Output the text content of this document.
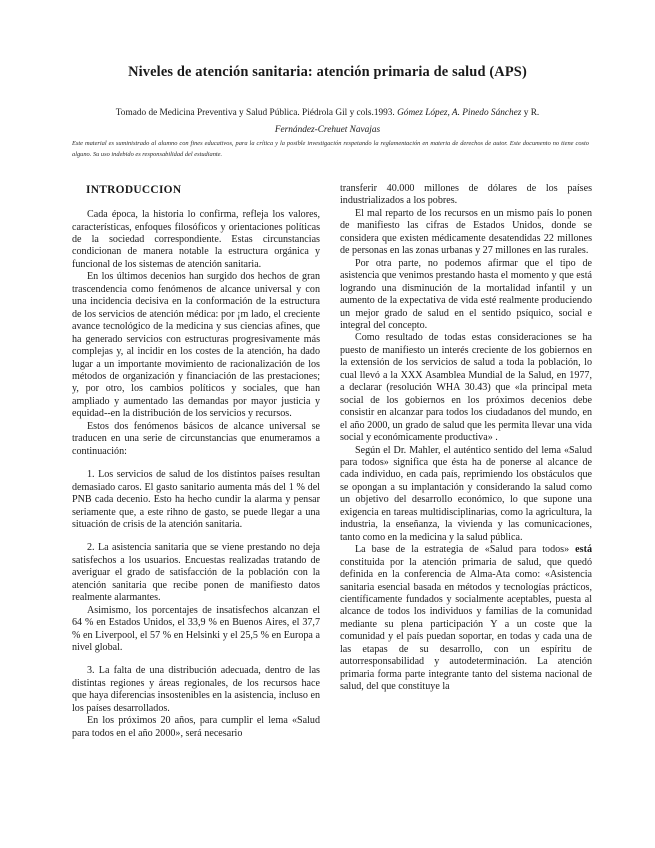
Niveles de atención sanitaria: atención primaria de salud (APS)
Tomado de Medicina Preventiva y Salud Pública. Piédrola Gil y cols.1993. Gómez López, A. Pinedo Sánchez y R.
Fernández-Crehuet Navajas
Este material es suministrado al alumno con fines educativos, para la crítica y la posible investigación respetando la reglamentación en materia de derechos de autor. Este documento no tiene costo alguno. Su uso indebido es responsabilidad del estudiante.
INTRODUCCION

Cada época, la historia lo confirma, refleja los valores, características, enfoques filosóficos y orientaciones políticas de la sociedad correspondiente. Estas circunstancias condicionan de manera notable la estructura orgánica y funcional de los sistemas de atención sanitaria.

En los últimos decenios han surgido dos hechos de gran trascendencia como fenómenos de alcance universal y con una incidencia decisiva en la conformación de la estructura de los servicios de atención médica: por ¡m lado, el creciente avance tecnológico de la medicina y sus ciencias afines, que ha generado servicios con estructuras progresivamente más complejas y, al incidir en los costes de la atención, ha dado lugar a un importante movimiento de racionalización de los métodos de organización y financiación de las prestaciones; y, por otro, los cambios políticos y sociales, que han ampliado y aumentado las demandas por mayor justicia y equidad--en la distribución de los servicios y recursos.

Estos dos fenómenos básicos de alcance universal se traducen en una serie de circunstancias que enumeramos a continuación:

1. Los servicios de salud de los distintos países resultan demasiado caros. El gasto sanitario aumenta más del 1 % del PNB cada decenio. Esto ha hecho cundir la alarma y pensar seriamente que, a este rihno de gasto, se puede llegar a una situación de crisis de la atención sanitaria.

2. La asistencia sanitaria que se viene prestando no deja satisfechos a los usuarios. Encuestas realizadas tratando de averiguar el grado de satisfacción de la población con la atención sanitaria que recibe ponen de manifiesto datos realmente alarmantes.

Asimismo, los porcentajes de insatisfechos alcanzan el 64 % en Estados Unidos, el 33,9 % en Buenos Aires, el 37,7 % en Liverpool, el 57 % en Helsinki y el 25,5 % en Europa a nivel global.

3. La falta de una distribución adecuada, dentro de las distintas regiones y áreas regionales, de los recursos hace que haya diferencias insostenibles en la asistencia, incluso en los países desarrollados.

En los próximos 20 años, para cumplir el lema «Salud para todos en el año 2000», será necesario

transferir 40.000 millones de dólares de los países industrializados a los pobres.

El mal reparto de los recursos en un mismo país lo ponen de manifiesto las cifras de Estados Unidos, donde se considera que existen médicamente desatendidas 22 millones de personas en las zonas urbanas y 27 millones en las rurales.

Por otra parte, no podemos afirmar que el tipo de asistencia que venimos prestando hasta el momento y que está logrando una disminución de la mortalidad infantil y un aumento de la expectativa de vida esté realmente produciendo un mejor grado de salud en el sentido psíquico, social e integral del concepto.

Como resultado de todas estas consideraciones se ha puesto de manifiesto un interés creciente de los gobiernos en la extensión de los servicios de salud a toda la población, lo cual llevó a la XXX Asamblea Mundial de la Salud, en 1977, a declarar (resolución WHA 30.43) que «la principal meta social de los gobiernos en los próximos decenios debe consistir en alcanzar para todos los ciudadanos del mundo, en el año 2000, un grado de salud que les permita llevar una vida social y económicamente productiva» .

Según el Dr. Mahler, el auténtico sentido del lema «Salud para todos» significa que ésta ha de ponerse al alcance de cada individuo, en cada país, reprimiendo los obstáculos que se opongan a su implantación y considerando la salud como un objetivo del desarrollo económico, lo que supone una exigencia en tareas multidisciplinarias, como la agricultura, la industria, la enseñanza, la vivienda y las comunicaciones, tanto como en la medicina y la salud pública.

La base de la estrategia de «Salud para todos» está constituida por la atención primaria de salud, que quedó definida en la conferencia de Alma-Ata como: «Asistencia sanitaria esencial basada en métodos y tecnologías prácticos, científicamente fundados y socialmente aceptables, puesta al alcance de todos los individuos y familias de la comunidad mediante su plena participación Y a un coste que la comunidad y el país puedan soportar, en todas y cada una de las etapas de su desarrollo, con un espíritu de autorresponsabilidad y autodeterminación. La atención primaria forma parte integrante tanto del sistema nacional de salud, del que constituye la
